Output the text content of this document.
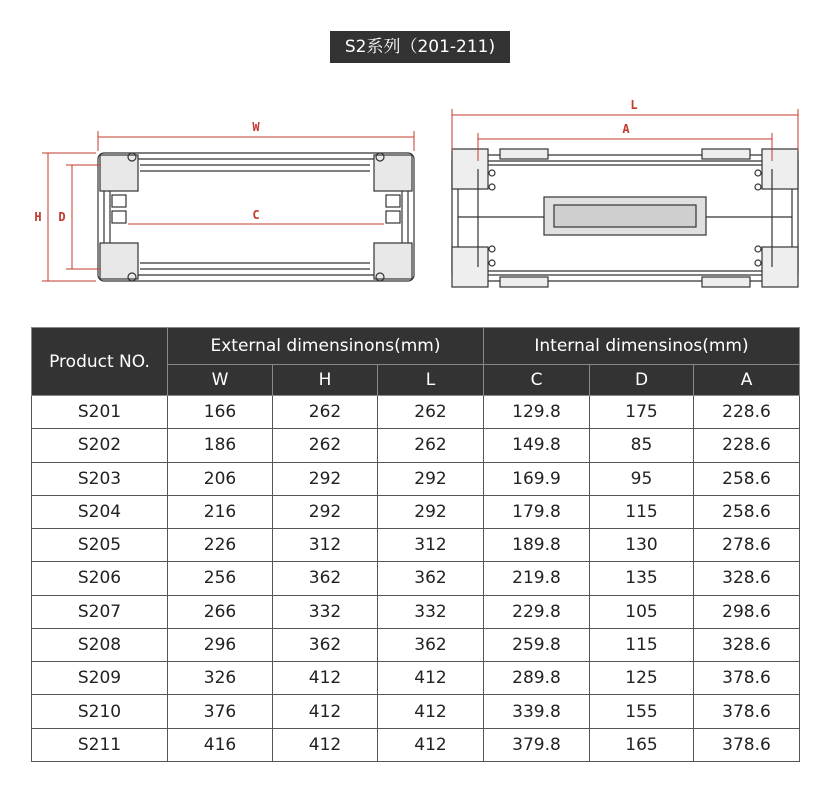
S2系列（201-211)
W
H D	C
L
A
Product NO.	External dimensinons(mm)			Internal dimensinos(mm)		
	W	H	L	C	D	A
S201	166	262	262	129.8	175	228.6
S202	186	262	262	149.8	85	228.6
S203	206	292	292	169.9	95	258.6
S204	216	292	292	179.8	115	258.6
S205	226	312	312	189.8	130	278.6
S206	256	362	362	219.8	135	328.6
S207	266	332	332	229.8	105	298.6
S208	296	362	362	259.8	115	328.6
S209	326	412	412	289.8	125	378.6
S210	376	412	412	339.8	155	378.6
S211	416	412	412	379.8	165	378.6
